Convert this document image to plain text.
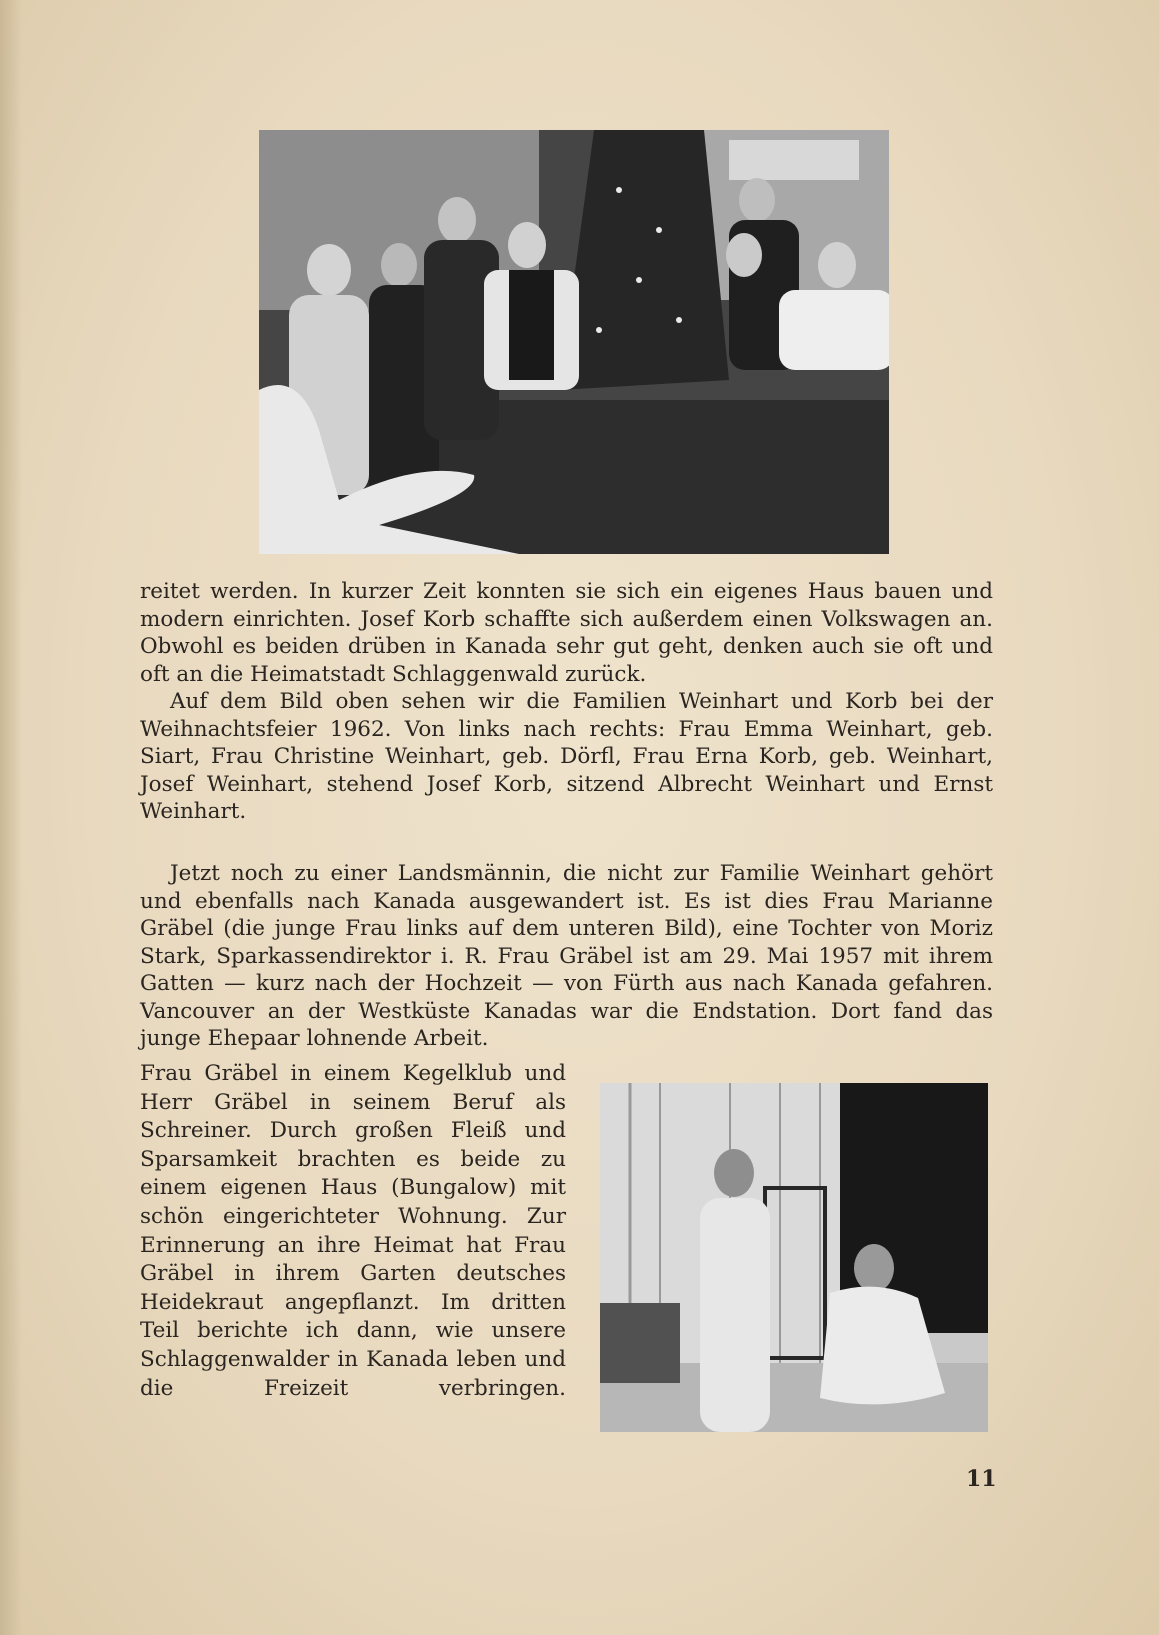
reitet werden. In kurzer Zeit konnten sie sich ein eigenes Haus bauen und modern einrichten. Josef Korb schaffte sich außerdem einen Volkswagen an. Obwohl es beiden drüben in Kanada sehr gut geht, denken auch sie oft und oft an die Heimatstadt Schlaggenwald zurück.

Auf dem Bild oben sehen wir die Familien Weinhart und Korb bei der Weihnachtsfeier 1962. Von links nach rechts: Frau Emma Weinhart, geb. Siart, Frau Christine Weinhart, geb. Dörfl, Frau Erna Korb, geb. Weinhart, Josef Weinhart, stehend Josef Korb, sitzend Albrecht Weinhart und Ernst Weinhart.

Jetzt noch zu einer Landsmännin, die nicht zur Familie Weinhart gehört und ebenfalls nach Kanada ausgewandert ist. Es ist dies Frau Marianne Gräbel (die junge Frau links auf dem unteren Bild), eine Tochter von Moriz Stark, Sparkassendirektor i. R. Frau Gräbel ist am 29. Mai 1957 mit ihrem Gatten — kurz nach der Hochzeit — von Fürth aus nach Kanada gefahren. Vancouver an der Westküste Kanadas war die Endstation. Dort fand das junge Ehepaar lohnende Arbeit.

Frau Gräbel in einem Kegelklub und Herr Gräbel in seinem Beruf als Schreiner. Durch großen Fleiß und Sparsamkeit brachten es beide zu einem eigenen Haus (Bungalow) mit schön eingerichteter Wohnung. Zur Erinnerung an ihre Heimat hat Frau Gräbel in ihrem Garten deutsches Heidekraut angepflanzt. Im dritten Teil berichte ich dann, wie unsere Schlaggenwalder in Kanada leben und die Freizeit verbringen.

11
